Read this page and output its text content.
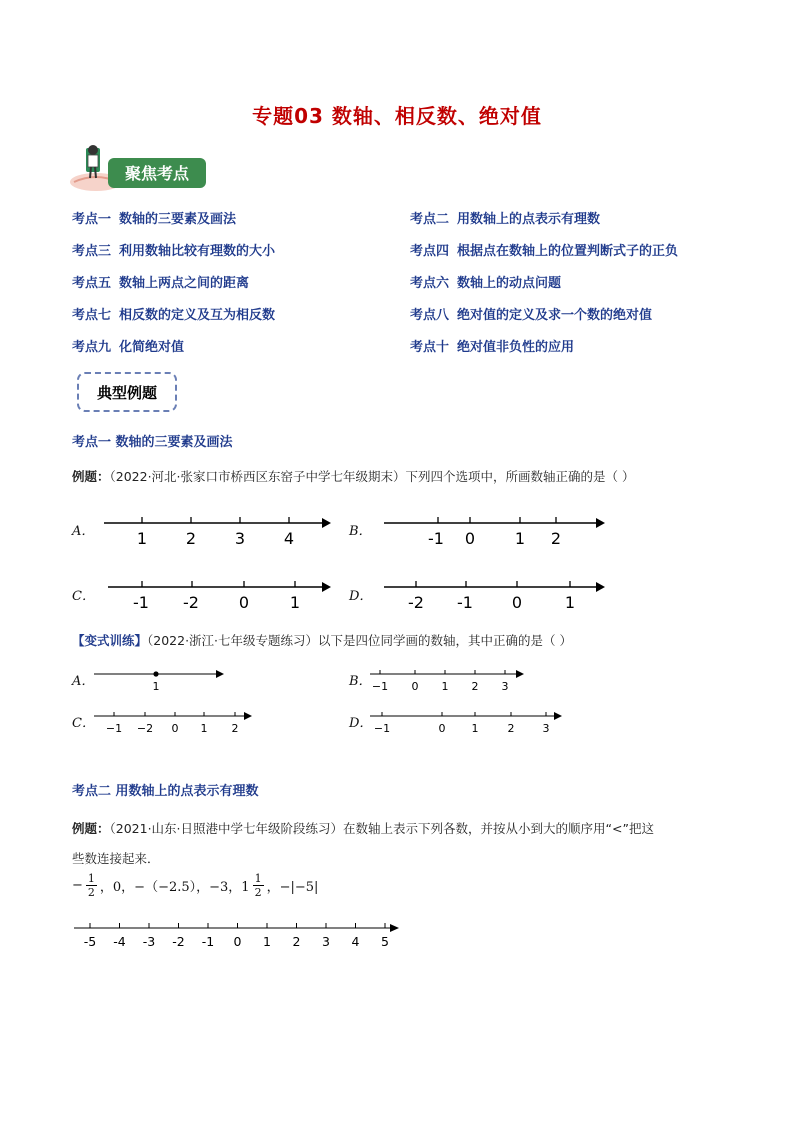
专题03 数轴、相反数、绝对值
聚焦考点
考点一 数轴的三要素及画法	考点二 用数轴上的点表示有理数
考点三 利用数轴比较有理数的大小	考点四 根据点在数轴上的位置判断式子的正负
考点五 数轴上两点之间的距离	考点六 数轴上的动点问题
考点七 相反数的定义及互为相反数	考点八 绝对值的定义及求一个数的绝对值
考点九 化简绝对值	考点十 绝对值非负性的应用
典型例题
考点一 数轴的三要素及画法
例题：（2022·河北·张家口市桥西区东窑子中学七年级期末）下列四个选项中，所画数轴正确的是（ ）
A．	1 2 3 4	B．	-1 0 1 2
C． -1 -2 0	1	D． -2 -1 0	1
【变式训练】（2022·浙江·七年级专题练习）以下是四位同学画的数轴，其中正确的是（ ）
A．	1	B． −1 0 1 2 3
C． −1 −2 0 1 2	D． −1	0 1	2	3
考点二 用数轴上的点表示有理数
例题：（2021·山东·日照港中学七年级阶段练习）在数轴上表示下列各数，并按从小到大的顺序用“<”把这
些数连接起来．
− $\frac{1}{2}$ ，0，−（−2.5），−3，$1 \frac{1}{2}$ ，−|−5|
-5 -4 -3 -2 -1 0 1 2 3 4 5
